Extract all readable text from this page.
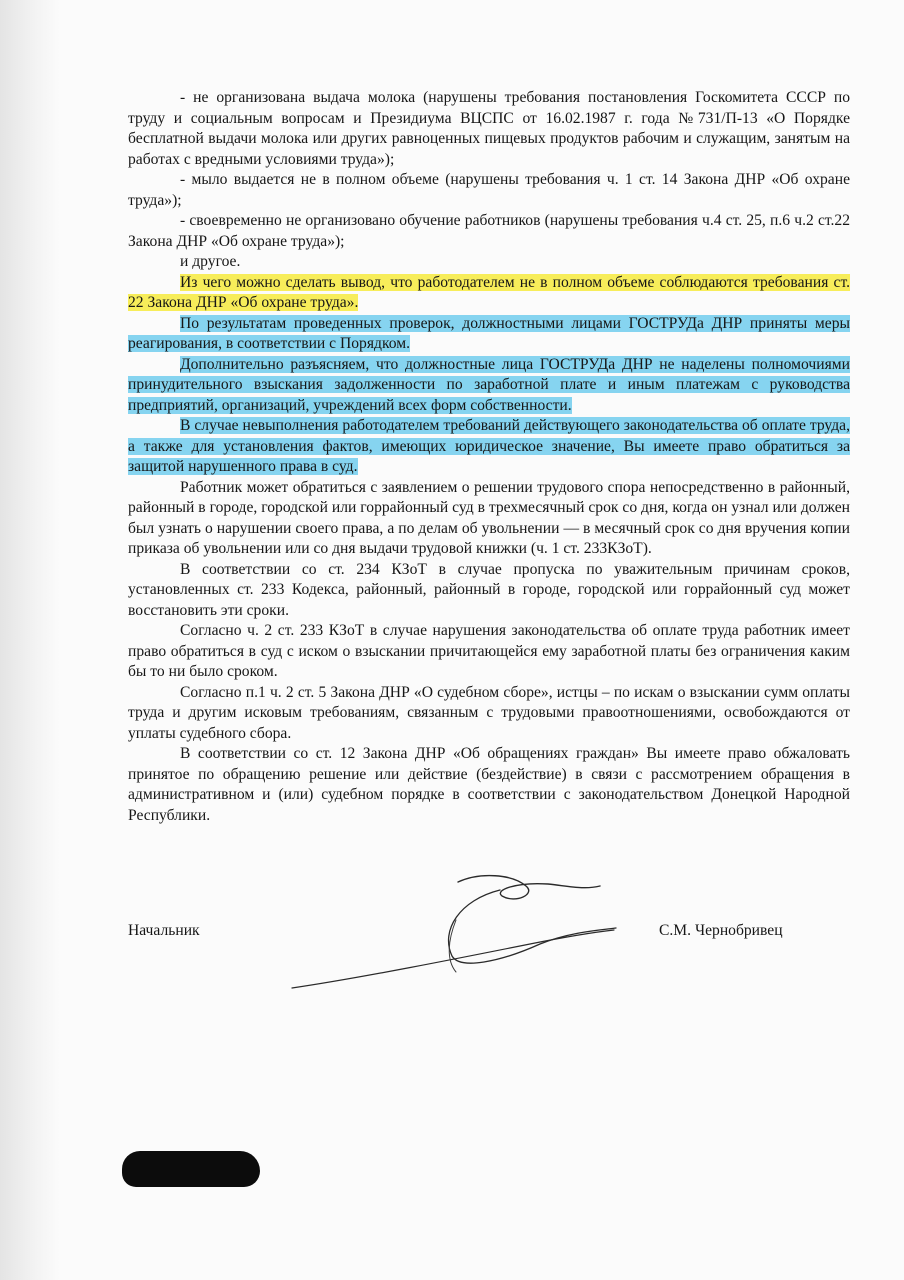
- не организована выдача молока (нарушены требования постановления Госкомитета СССР по труду и социальным вопросам и Президиума ВЦСПС от 16.02.1987 г. года №731/П-13 «О Порядке бесплатной выдачи молока или других равноценных пищевых продуктов рабочим и служащим, занятым на работах с вредными условиями труда»);

- мыло выдается не в полном объеме (нарушены требования ч. 1 ст. 14 Закона ДНР «Об охране труда»);

- своевременно не организовано обучение работников (нарушены требования ч.4 ст. 25, п.6 ч.2 ст.22 Закона ДНР «Об охране труда»);

и другое.

Из чего можно сделать вывод, что работодателем не в полном объеме соблюдаются требования ст. 22 Закона ДНР «Об охране труда».

По результатам проведенных проверок, должностными лицами ГОСТРУДа ДНР приняты меры реагирования, в соответствии с Порядком.

Дополнительно разъясняем, что должностные лица ГОСТРУДа ДНР не наделены полномочиями принудительного взыскания задолженности по заработной плате и иным платежам с руководства предприятий, организаций, учреждений всех форм собственности.

В случае невыполнения работодателем требований действующего законодательства об оплате труда, а также для установления фактов, имеющих юридическое значение, Вы имеете право обратиться за защитой нарушенного права в суд.

Работник может обратиться с заявлением о решении трудового спора непосредственно в районный, районный в городе, городской или горрайонный суд в трехмесячный срок со дня, когда он узнал или должен был узнать о нарушении своего права, а по делам об увольнении — в месячный срок со дня вручения копии приказа об увольнении или со дня выдачи трудовой книжки (ч. 1 ст. 233КЗоТ).

В соответствии со ст. 234 КЗоТ в случае пропуска по уважительным причинам сроков, установленных ст. 233 Кодекса, районный, районный в городе, городской или горрайонный суд может восстановить эти сроки.

Согласно ч. 2 ст. 233 КЗоТ в случае нарушения законодательства об оплате труда работник имеет право обратиться в суд с иском о взыскании причитающейся ему заработной платы без ограничения каким бы то ни было сроком.

Согласно п.1 ч. 2 ст. 5 Закона ДНР «О судебном сборе», истцы – по искам о взыскании сумм оплаты труда и другим исковым требованиям, связанным с трудовыми правоотношениями, освобождаются от уплаты судебного сбора.

В соответствии со ст. 12 Закона ДНР «Об обращениях граждан» Вы имеете право обжаловать принятое по обращению решение или действие (бездействие) в связи с рассмотрением обращения в административном и (или) судебном порядке в соответствии с законодательством Донецкой Народной Республики.

Начальник	С.М. Чернобривец
